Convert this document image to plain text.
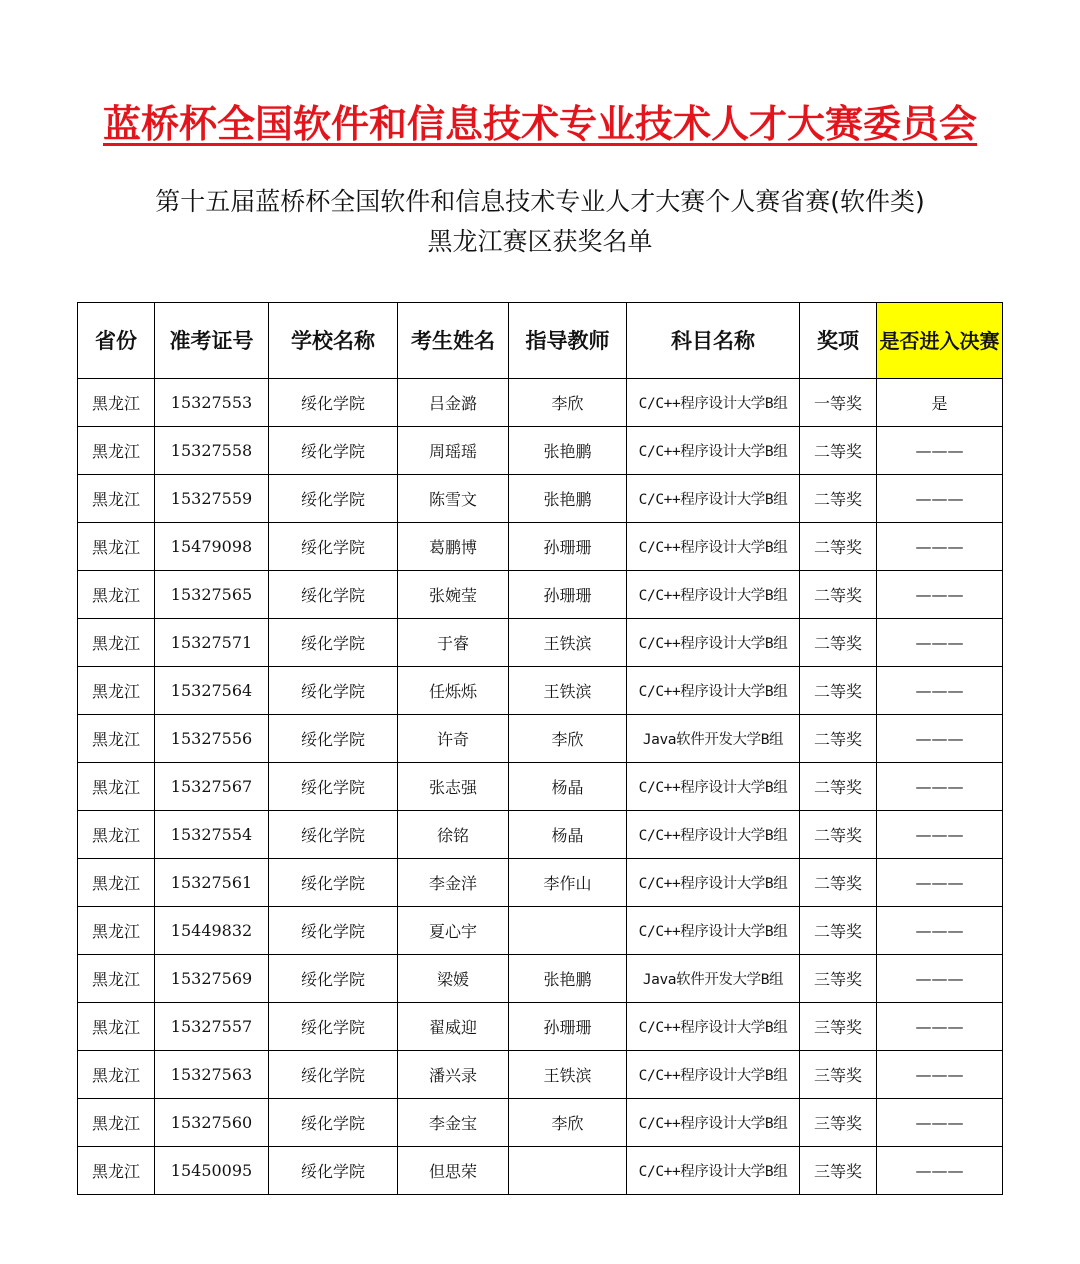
蓝桥杯全国软件和信息技术专业技术人才大赛委员会
第十五届蓝桥杯全国软件和信息技术专业人才大赛个人赛省赛(软件类)
黑龙江赛区获奖名单
省份	准考证号	学校名称	考生姓名	指导教师	科目名称	奖项	是否进入决赛
黑龙江	15327553	绥化学院	吕金潞	李欣	C/C++程序设计大学B组	一等奖	是
黑龙江	15327558	绥化学院	周瑶瑶	张艳鹏	C/C++程序设计大学B组	二等奖	———
黑龙江	15327559	绥化学院	陈雪文	张艳鹏	C/C++程序设计大学B组	二等奖	———
黑龙江	15479098	绥化学院	葛鹏博	孙珊珊	C/C++程序设计大学B组	二等奖	———
黑龙江	15327565	绥化学院	张婉莹	孙珊珊	C/C++程序设计大学B组	二等奖	———
黑龙江	15327571	绥化学院	于睿	王铁滨	C/C++程序设计大学B组	二等奖	———
黑龙江	15327564	绥化学院	任烁烁	王铁滨	C/C++程序设计大学B组	二等奖	———
黑龙江	15327556	绥化学院	许奇	李欣	Java软件开发大学B组	二等奖	———
黑龙江	15327567	绥化学院	张志强	杨晶	C/C++程序设计大学B组	二等奖	———
黑龙江	15327554	绥化学院	徐铭	杨晶	C/C++程序设计大学B组	二等奖	———
黑龙江	15327561	绥化学院	李金洋	李作山	C/C++程序设计大学B组	二等奖	———
黑龙江	15449832	绥化学院	夏心宇		C/C++程序设计大学B组	二等奖	———
黑龙江	15327569	绥化学院	梁媛	张艳鹏	Java软件开发大学B组	三等奖	———
黑龙江	15327557	绥化学院	翟威迎	孙珊珊	C/C++程序设计大学B组	三等奖	———
黑龙江	15327563	绥化学院	潘兴录	王铁滨	C/C++程序设计大学B组	三等奖	———
黑龙江	15327560	绥化学院	李金宝	李欣	C/C++程序设计大学B组	三等奖	———
黑龙江	15450095	绥化学院	但思荣		C/C++程序设计大学B组	三等奖	———
